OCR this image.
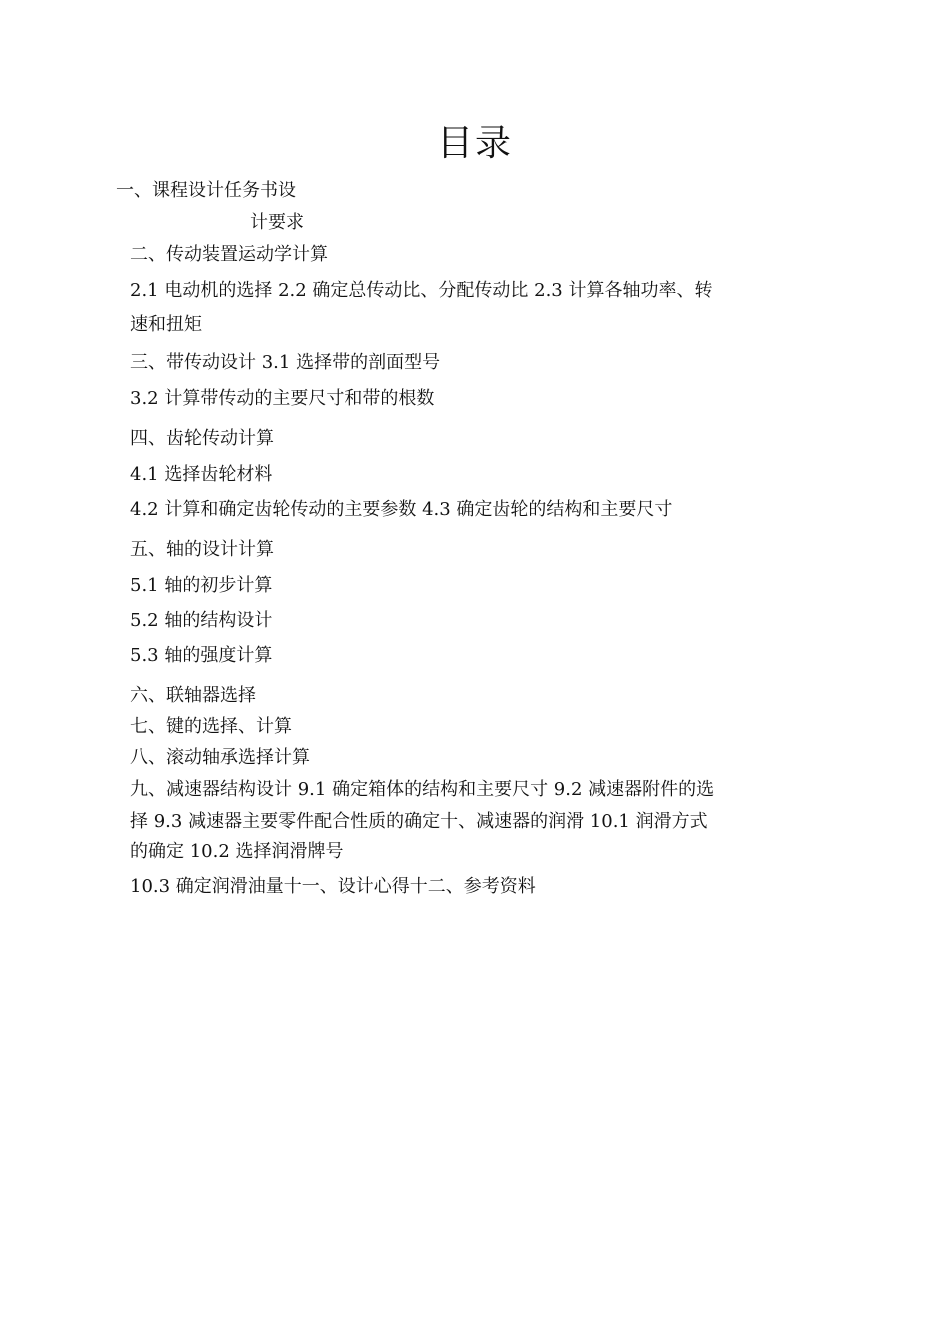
目录
一、课程设计任务书设
计要求
二、传动装置运动学计算
2.1 电动机的选择 2.2 确定总传动比、分配传动比 2.3 计算各轴功率、转
速和扭矩
三、带传动设计 3.1 选择带的剖面型号
3.2 计算带传动的主要尺寸和带的根数
四、齿轮传动计算
4.1 选择齿轮材料
4.2 计算和确定齿轮传动的主要参数 4.3 确定齿轮的结构和主要尺寸
五、轴的设计计算
5.1 轴的初步计算
5.2 轴的结构设计
5.3 轴的强度计算
六、联轴器选择
七、键的选择、计算
八、滚动轴承选择计算
九、减速器结构设计 9.1 确定箱体的结构和主要尺寸 9.2 减速器附件的选
择 9.3 减速器主要零件配合性质的确定十、减速器的润滑 10.1 润滑方式
的确定 10.2 选择润滑牌号
10.3 确定润滑油量十一、设计心得十二、参考资料
